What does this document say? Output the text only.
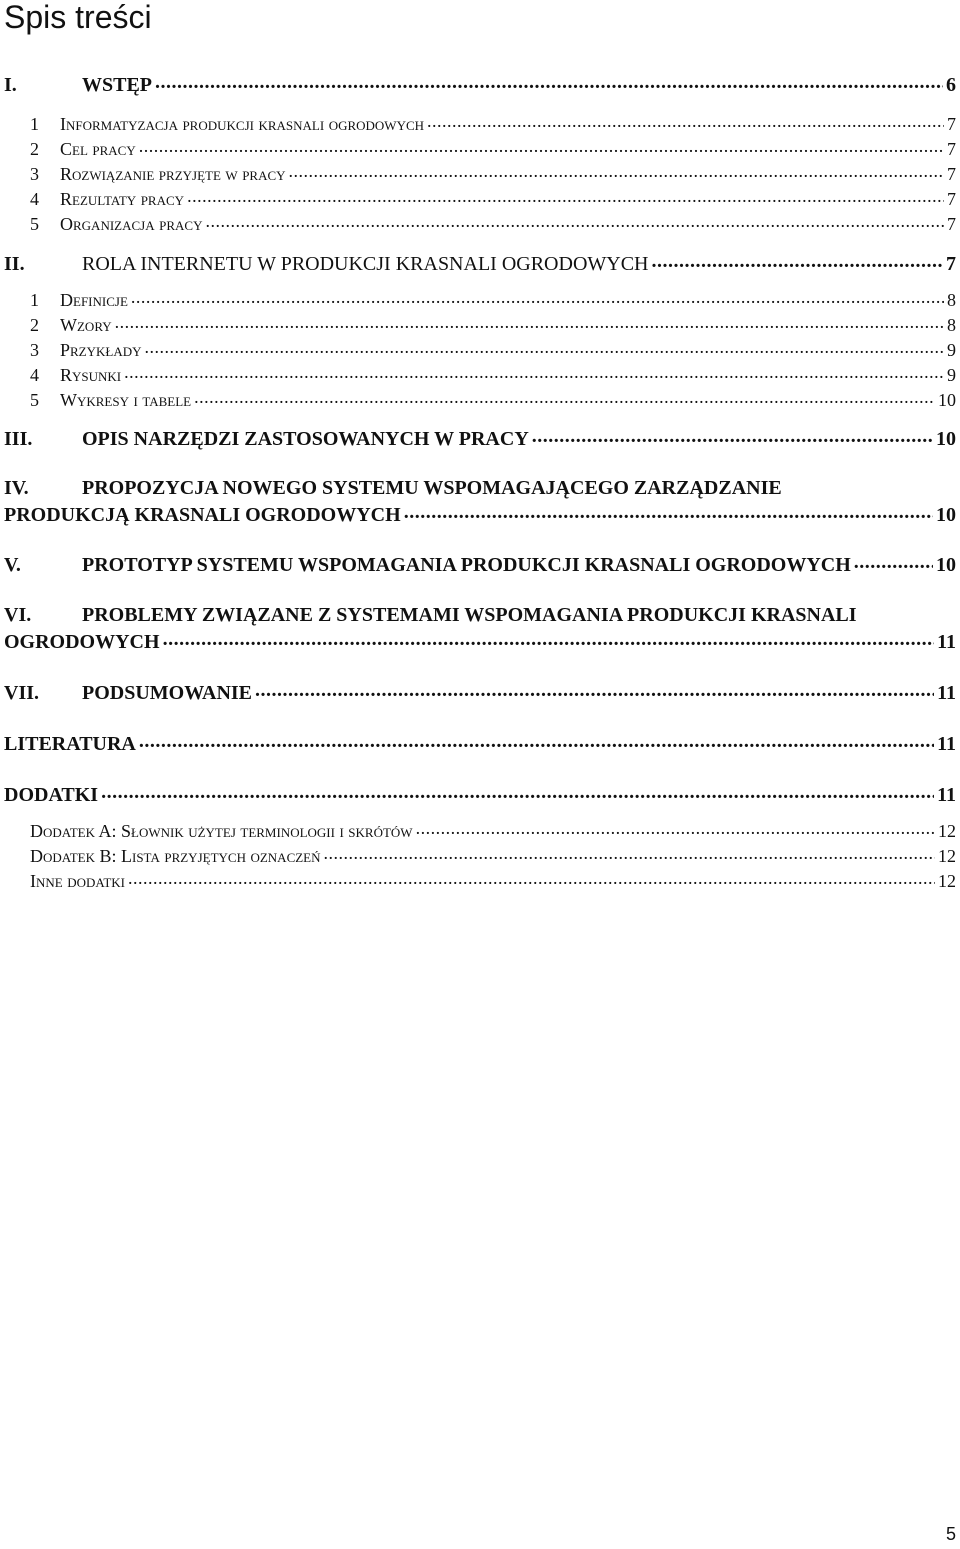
Spis treści
I.	WSTĘP .....	6
1	Informatyzacja produkcji krasnali ogrodowych .....	7
2	Cel pracy .....	7
3	Rozwiązanie przyjęte w pracy .....	7
4	Rezultaty pracy .....	7
5	Organizacja pracy .....	7
II.	ROLA INTERNETU W PRODUKCJI KRASNALI OGRODOWYCH .....	7
1	Definicje .....	8
2	Wzory .....	8
3	Przykłady .....	9
4	Rysunki .....	9
5	Wykresy i tabele .....	10
III.	OPIS NARZĘDZI ZASTOSOWANYCH W PRACY .....	10
IV.	PROPOZYCJA NOWEGO SYSTEMU WSPOMAGAJĄCEGO ZARZĄDZANIE
PRODUKCJĄ KRASNALI OGRODOWYCH .....	10
V.	PROTOTYP SYSTEMU WSPOMAGANIA PRODUKCJI KRASNALI OGRODOWYCH .....	10
VI.	PROBLEMY ZWIĄZANE Z SYSTEMAMI WSPOMAGANIA PRODUKCJI KRASNALI
OGRODOWYCH .....	11
VII.	PODSUMOWANIE .....	11
LITERATURA .....	11
DODATKI .....	11
Dodatek A: Słownik użytej terminologii i skrótów .....	12
Dodatek B: Lista przyjętych oznaczeń .....	12
Inne dodatki .....	12
5
